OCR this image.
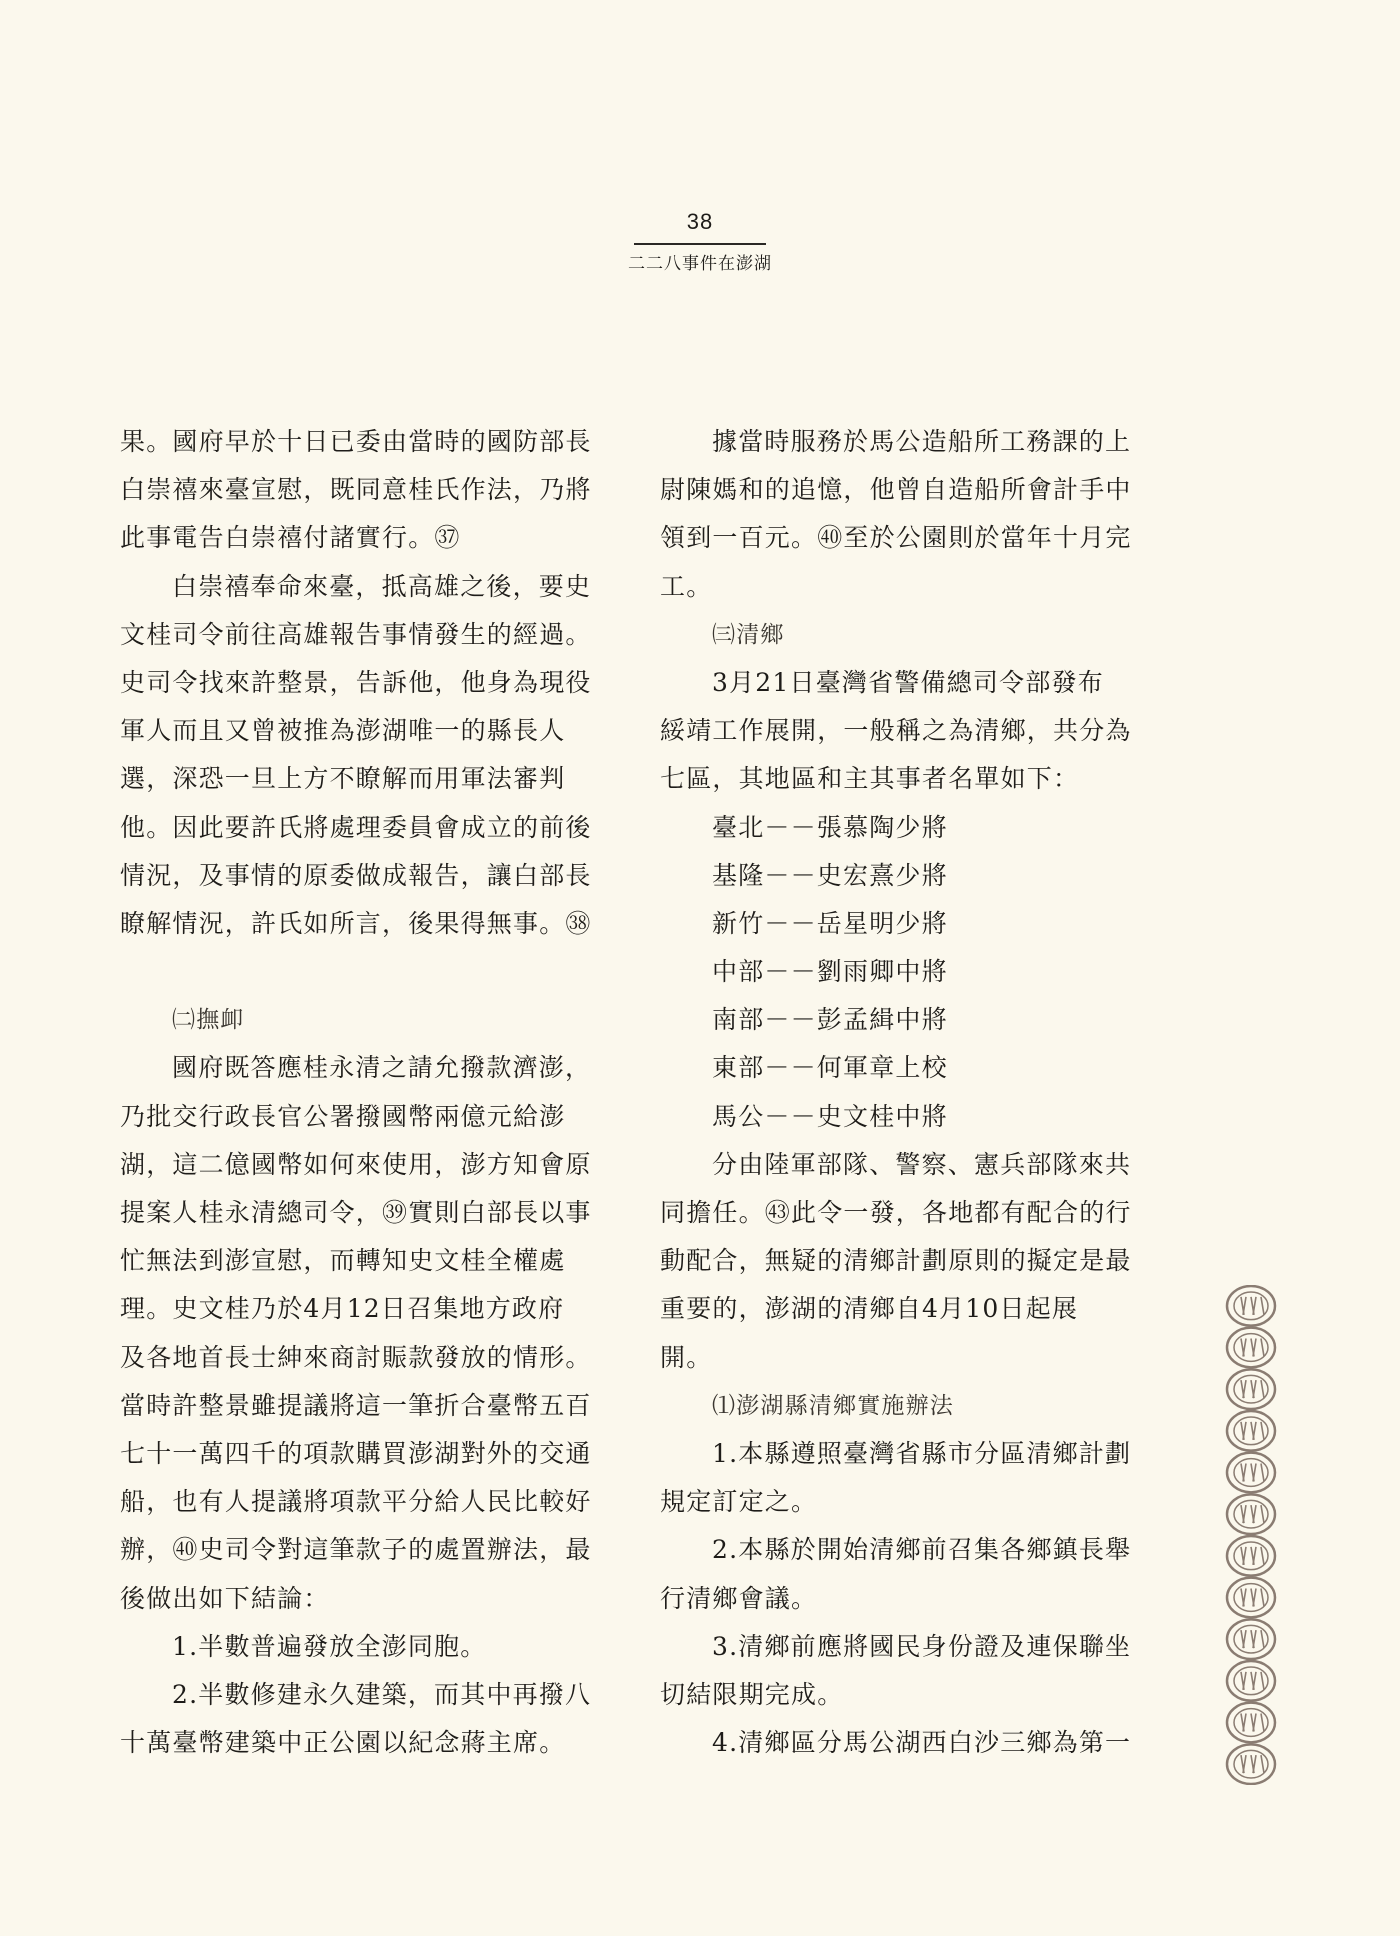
38
二二八事件在澎湖
果。國府早於十日已委由當時的國防部長
白崇禧來臺宣慰，既同意桂氏作法，乃將
此事電告白崇禧付諸實行。㊲
白崇禧奉命來臺，抵高雄之後，要史
文桂司令前往高雄報告事情發生的經過。
史司令找來許整景，告訴他，他身為現役
軍人而且又曾被推為澎湖唯一的縣長人
選，深恐一旦上方不瞭解而用軍法審判
他。因此要許氏將處理委員會成立的前後
情況，及事情的原委做成報告，讓白部長
瞭解情況，許氏如所言，後果得無事。㊳
㈡撫卹
國府既答應桂永清之請允撥款濟澎，
乃批交行政長官公署撥國幣兩億元給澎
湖，這二億國幣如何來使用，澎方知會原
提案人桂永清總司令，㊴實則白部長以事
忙無法到澎宣慰，而轉知史文桂全權處
理。史文桂乃於4月12日召集地方政府
及各地首長士紳來商討賑款發放的情形。
當時許整景雖提議將這一筆折合臺幣五百
七十一萬四千的項款購買澎湖對外的交通
船，也有人提議將項款平分給人民比較好
辦，㊵史司令對這筆款子的處置辦法，最
後做出如下結論：
1.半數普遍發放全澎同胞。
2.半數修建永久建築，而其中再撥八
十萬臺幣建築中正公園以紀念蔣主席。
據當時服務於馬公造船所工務課的上
尉陳媽和的追憶，他曾自造船所會計手中
領到一百元。㊵至於公園則於當年十月完
工。
㈢清鄉
3月21日臺灣省警備總司令部發布
綏靖工作展開，一般稱之為清鄉，共分為
七區，其地區和主其事者名單如下：
臺北－－張慕陶少將
基隆－－史宏熹少將
新竹－－岳星明少將
中部－－劉雨卿中將
南部－－彭孟緝中將
東部－－何軍章上校
馬公－－史文桂中將
分由陸軍部隊、警察、憲兵部隊來共
同擔任。㊸此令一發，各地都有配合的行
動配合，無疑的清鄉計劃原則的擬定是最
重要的，澎湖的清鄉自4月10日起展
開。
⑴澎湖縣清鄉實施辦法
1.本縣遵照臺灣省縣市分區清鄉計劃
規定訂定之。
2.本縣於開始清鄉前召集各鄉鎮長舉
行清鄉會議。
3.清鄉前應將國民身份證及連保聯坐
切結限期完成。
4.清鄉區分馬公湖西白沙三鄉為第一
